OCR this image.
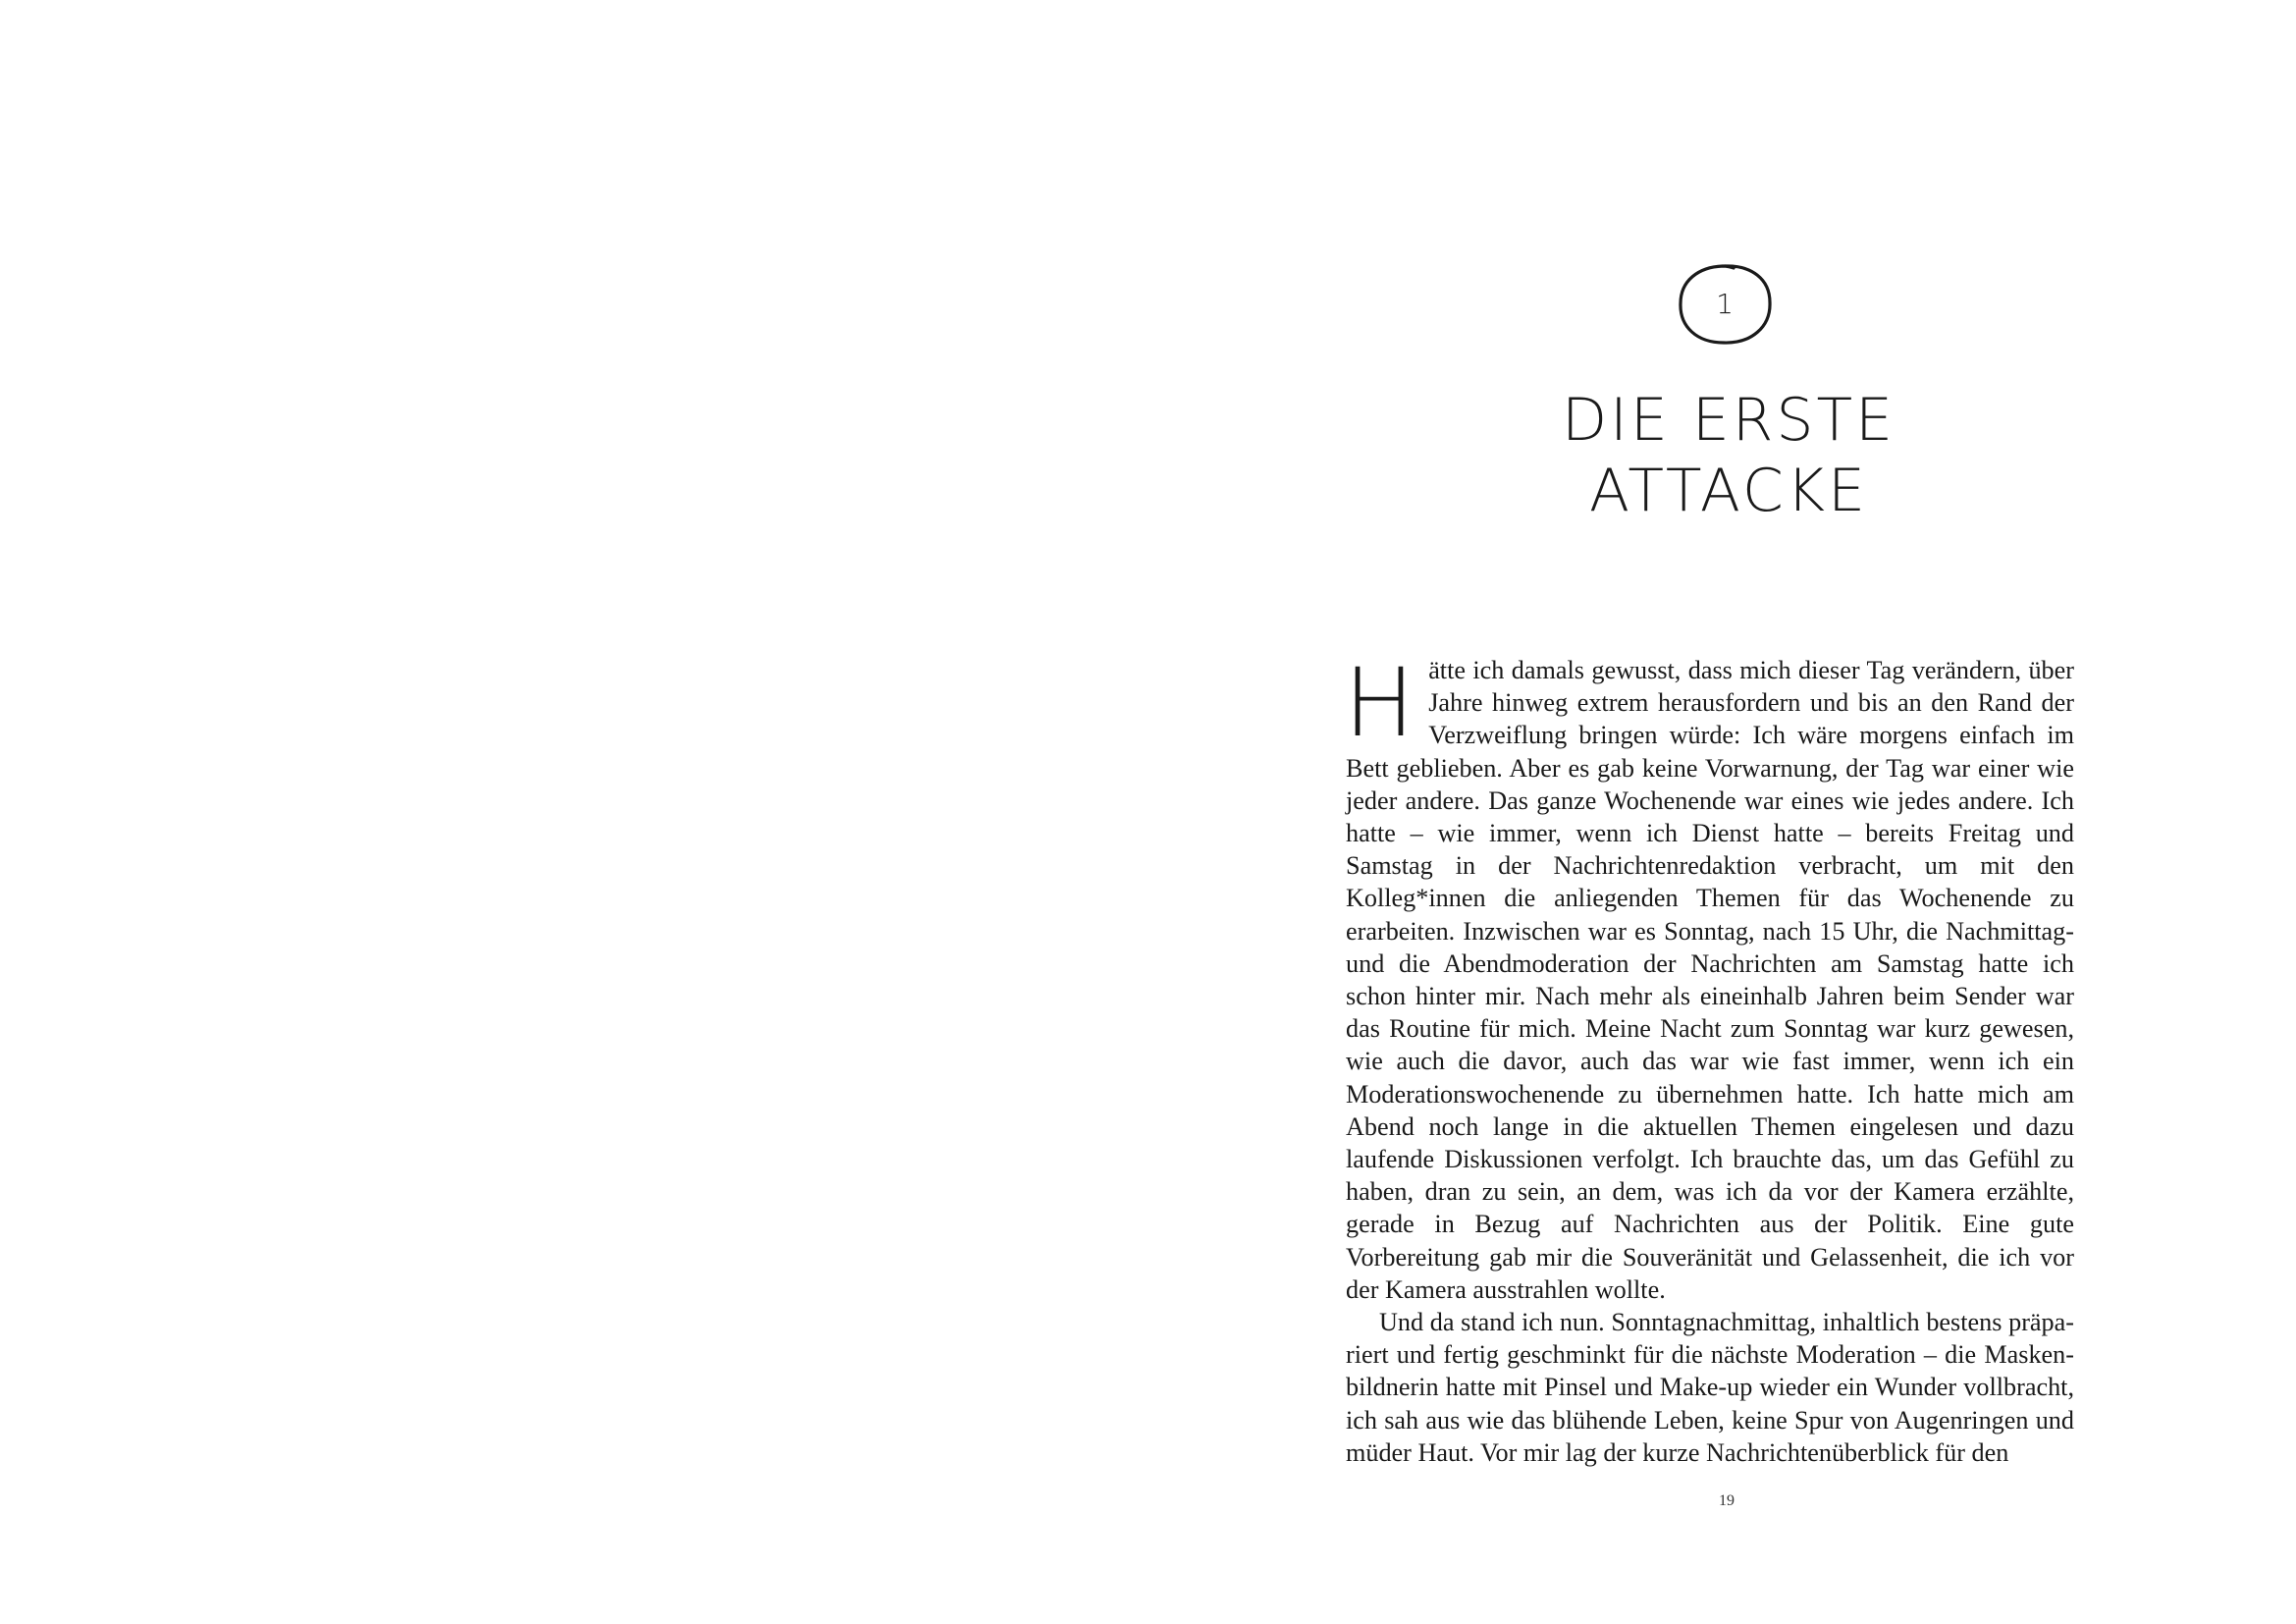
1
DIE ERSTE
ATTACKE

Hätte ich damals gewusst, dass mich dieser Tag verändern, über Jahre hinweg extrem herausfordern und bis an den Rand der Verzweiflung bringen würde: Ich wäre morgens einfach im Bett geblieben. Aber es gab keine Vorwarnung, der Tag war einer wie jeder andere. Das ganze Wochenende war eines wie jedes andere. Ich hatte – wie immer, wenn ich Dienst hatte – bereits Freitag und Samstag in der Nachrichtenredaktion verbracht, um mit den Kolleg*innen die anliegenden Themen für das Wochenende zu erarbeiten. Inzwischen war es Sonntag, nach 15 Uhr, die Nachmittag- und die Abendmoderation der Nachrichten am Samstag hatte ich schon hinter mir. Nach mehr als eineinhalb Jahren beim Sender war das Routine für mich. Meine Nacht zum Sonntag war kurz gewesen, wie auch die davor, auch das war wie fast immer, wenn ich ein Moderationswochenende zu übernehmen hatte. Ich hatte mich am Abend noch lange in die aktuellen Themen eingelesen und dazu laufende Diskussionen verfolgt. Ich brauchte das, um das Gefühl zu haben, dran zu sein, an dem, was ich da vor der Kamera erzählte, gerade in Bezug auf Nachrichten aus der Politik. Eine gute Vorbereitung gab mir die Souveränität und Gelassenheit, die ich vor der Kamera ausstrahlen wollte.

Und da stand ich nun. Sonntagnachmittag, inhaltlich bestens präpariert und fertig geschminkt für die nächste Moderation – die Maskenbildnerin hatte mit Pinsel und Make-up wieder ein Wunder vollbracht, ich sah aus wie das blühende Leben, keine Spur von Augenringen und müder Haut. Vor mir lag der kurze Nachrichtenüberblick für den

19
